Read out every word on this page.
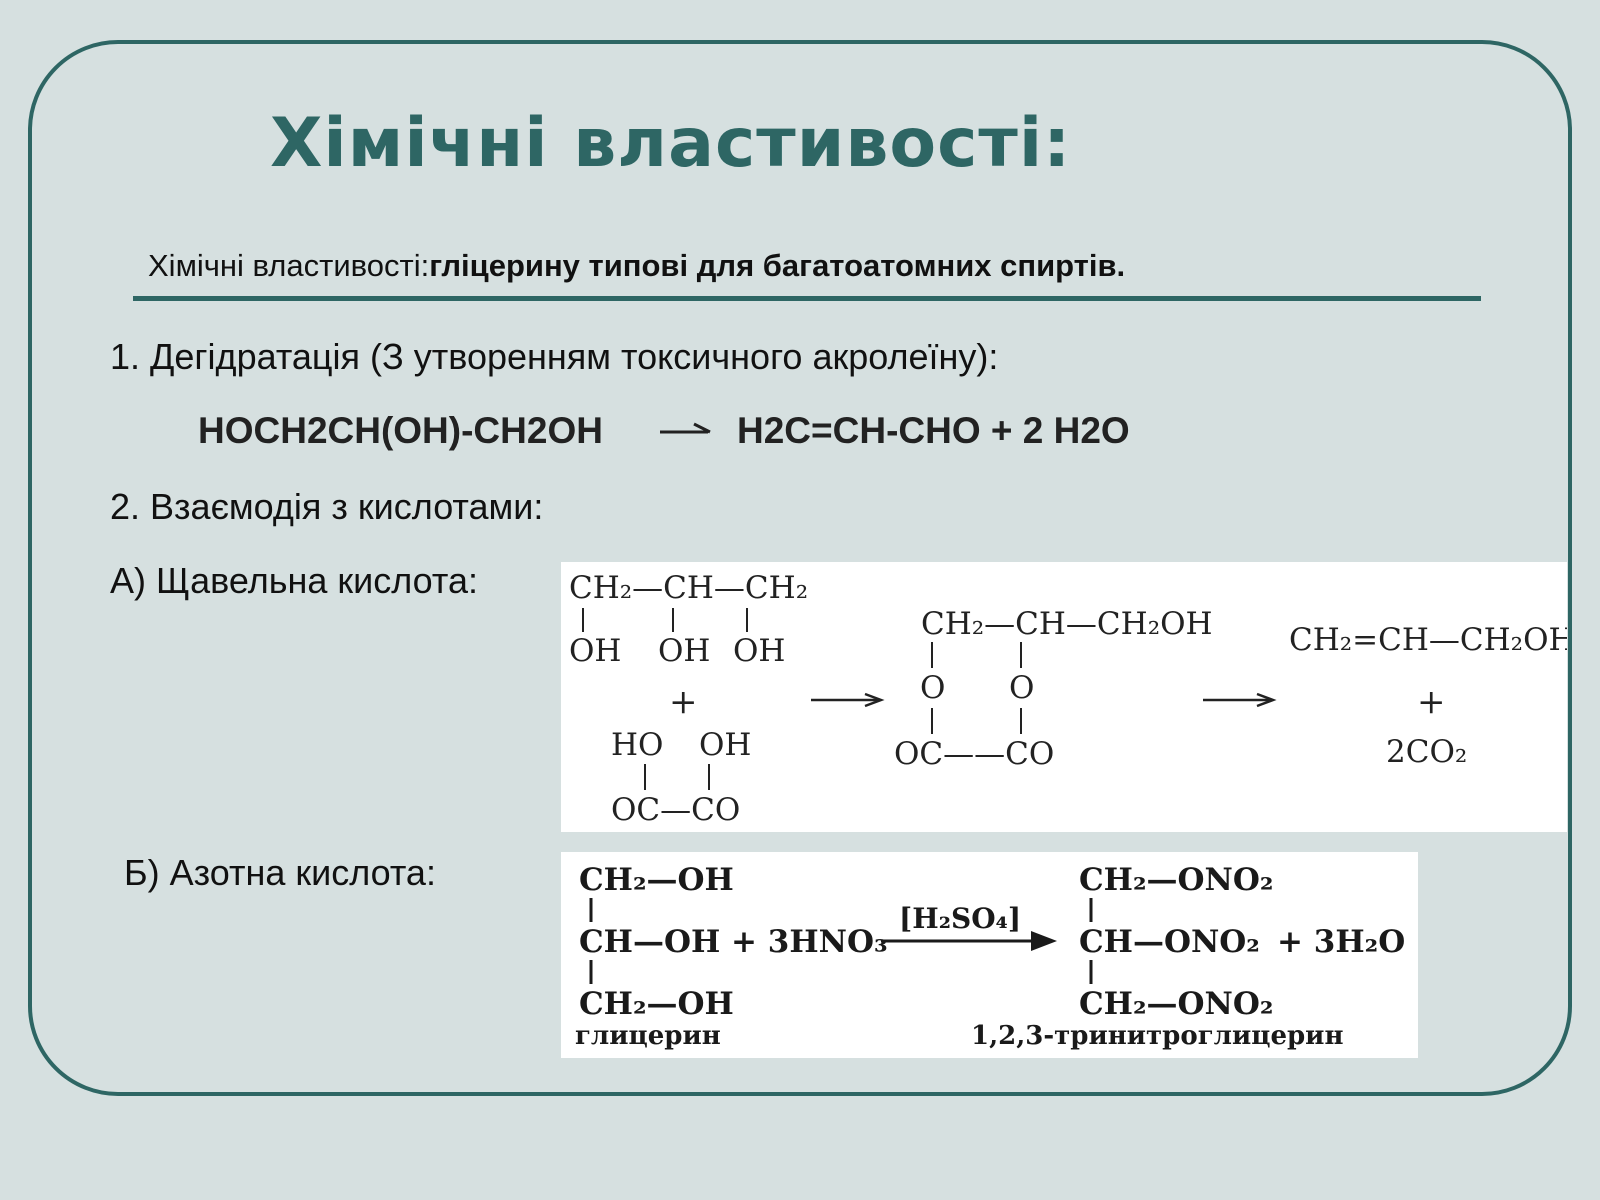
Хімічні властивості:
Хімічні властивості:гліцерину типові для багатоатомних спиртів.
1. Дегідратація (З утворенням токсичного акролеїну):
HOCH2CH(OH)-CH2OH	→ H2C=CH-CHO + 2 H2O
2. Взаємодія з кислотами:
А) Щавельна кислота:
Б) Азотна кислота:
CH₂—CH—CH₂
OH OH OH
+
HO OH
OC—CO
CH₂—CH—CH₂OH
O O
OC——CO
CH₂=CH—CH₂OH
+
2CO₂
CH₂—OH
CH—OH
CH₂—OH
глицерин
+ 3HNO₃
[H₂SO₄]
CH₂—ONO₂
CH—ONO₂
CH₂—ONO₂
+ 3H₂O
1,2,3-тринитроглицерин
